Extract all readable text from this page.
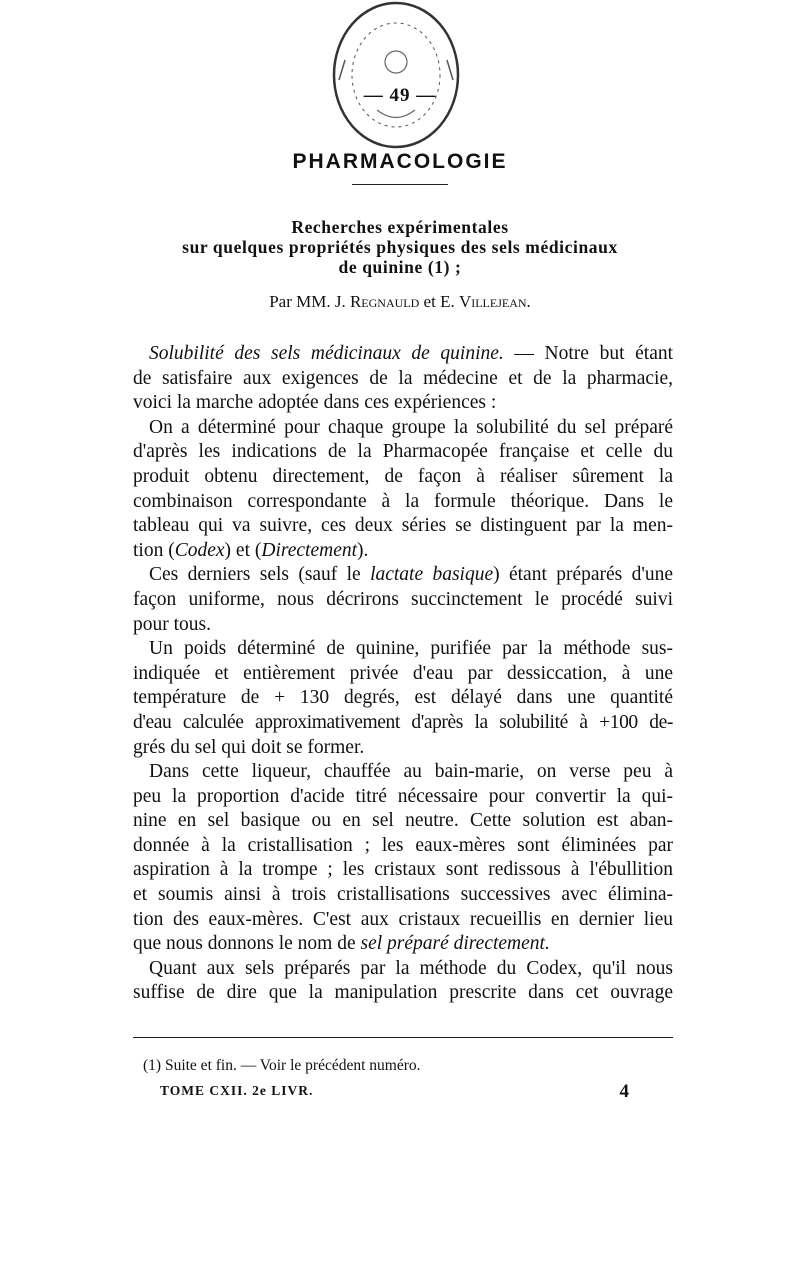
— 49 —
PHARMACOLOGIE
Recherches expérimentales
sur quelques propriétés physiques des sels médicinaux
de quinine (1) ;
Par MM. J. Regnauld et E. Villejean.
Solubilité des sels médicinaux de quinine. — Notre but étant
de satisfaire aux exigences de la médecine et de la pharmacie,
voici la marche adoptée dans ces expériences :
On a déterminé pour chaque groupe la solubilité du sel préparé
d'après les indications de la Pharmacopée française et celle du
produit obtenu directement, de façon à réaliser sûrement la
combinaison correspondante à la formule théorique. Dans le
tableau qui va suivre, ces deux séries se distinguent par la men-
tion (Codex) et (Directement).
Ces derniers sels (sauf le lactate basique) étant préparés d'une
façon uniforme, nous décrirons succinctement le procédé suivi
pour tous.
Un poids déterminé de quinine, purifiée par la méthode sus-
indiquée et entièrement privée d'eau par dessiccation, à une
température de + 130 degrés, est délayé dans une quantité
d'eau calculée approximativement d'après la solubilité à +100 de-
grés du sel qui doit se former.
Dans cette liqueur, chauffée au bain-marie, on verse peu à
peu la proportion d'acide titré nécessaire pour convertir la qui-
nine en sel basique ou en sel neutre. Cette solution est aban-
donnée à la cristallisation ; les eaux-mères sont éliminées par
aspiration à la trompe ; les cristaux sont redissous à l'ébullition
et soumis ainsi à trois cristallisations successives avec élimina-
tion des eaux-mères. C'est aux cristaux recueillis en dernier lieu
que nous donnons le nom de sel préparé directement.
Quant aux sels préparés par la méthode du Codex, qu'il nous
suffise de dire que la manipulation prescrite dans cet ouvrage
(1) Suite et fin. — Voir le précédent numéro.
TOME CXII. 2e LIVR.	4
